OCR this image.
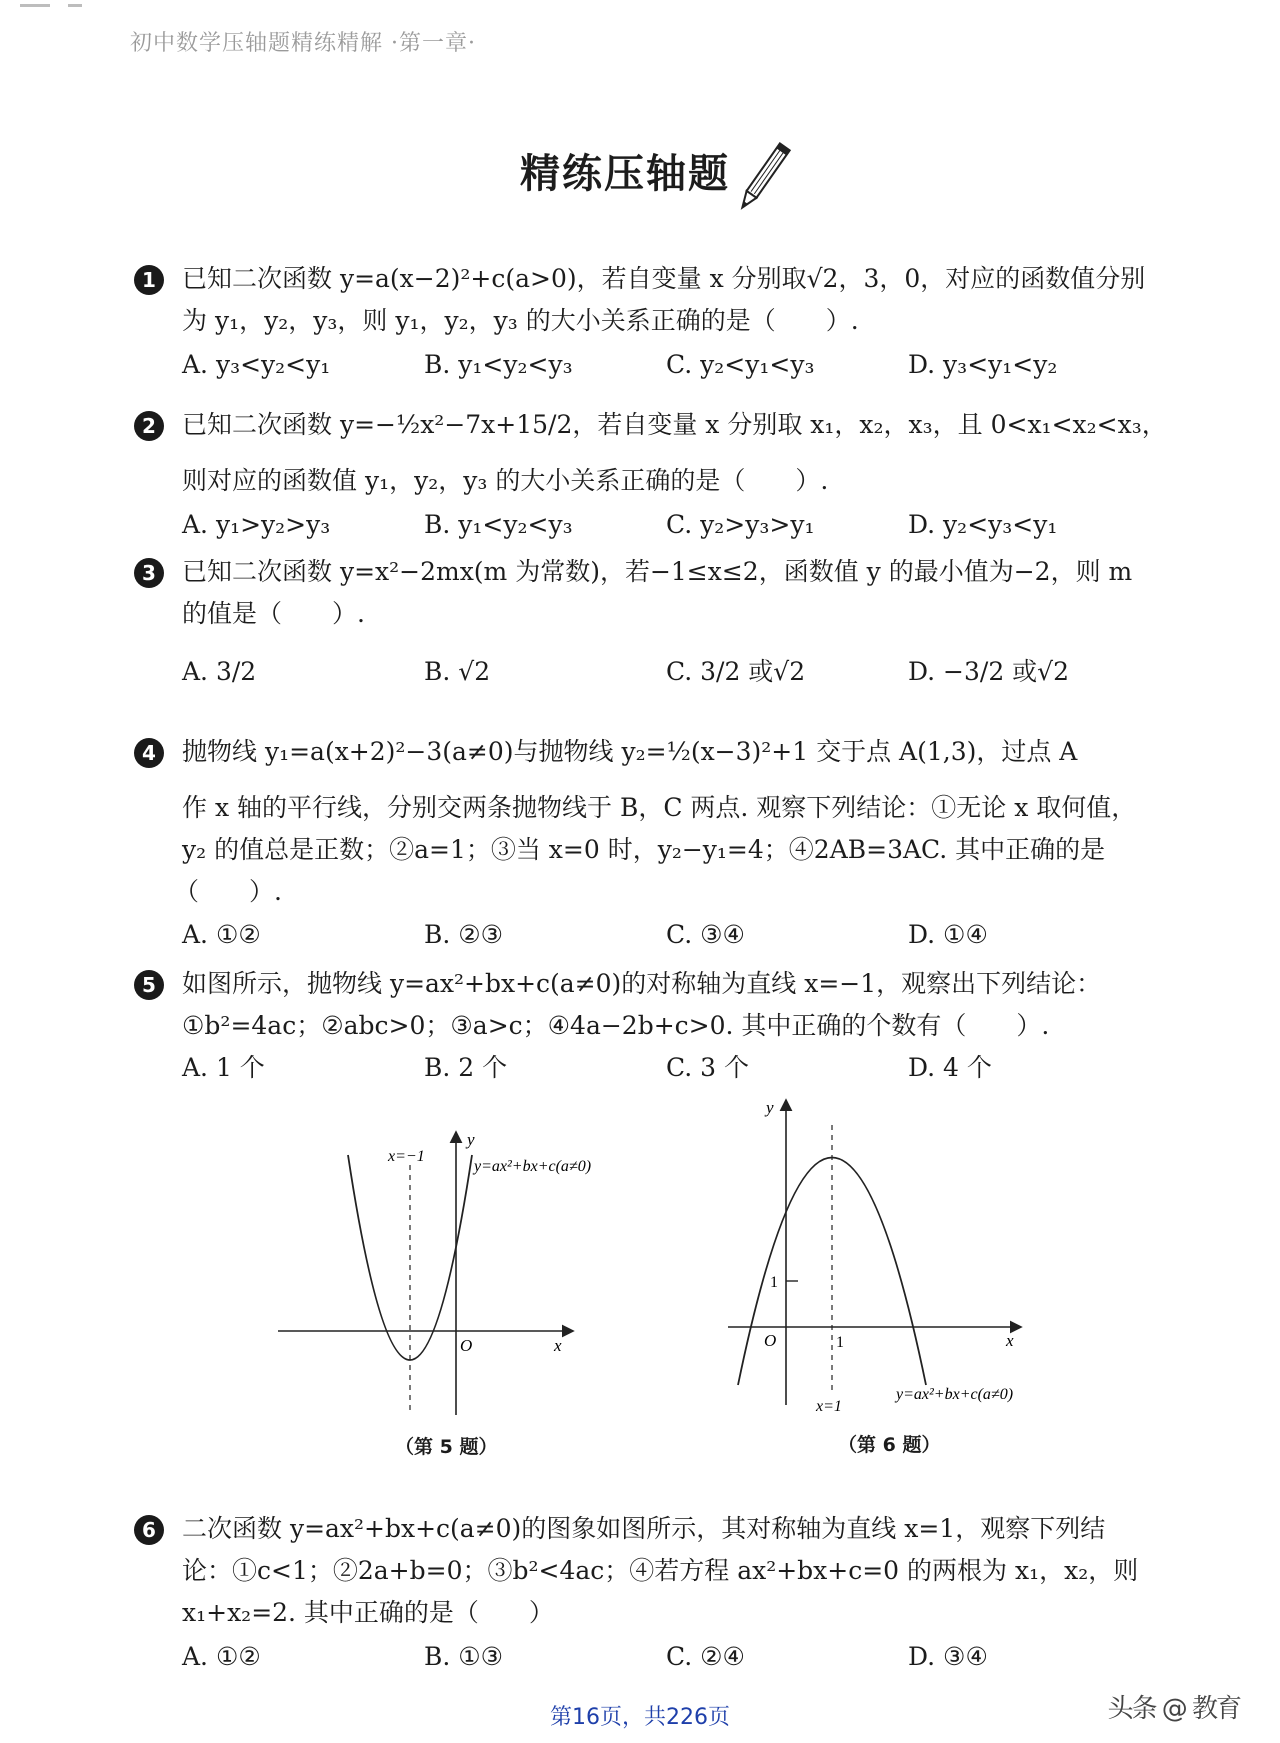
初中数学压轴题精练精解 ·第一章·
精练压轴题
1	已知二次函数 y=a(x−2)²+c(a>0)，若自变量 x 分别取√2，3，0，对应的函数值分别
为 y₁，y₂，y₃，则 y₁，y₂，y₃ 的大小关系正确的是（　　）.
A. y₃<y₂<y₁	B. y₁<y₂<y₃	C. y₂<y₁<y₃	D. y₃<y₁<y₂
2	已知二次函数 y=−½x²−7x+15/2，若自变量 x 分别取 x₁，x₂，x₃，且 0<x₁<x₂<x₃，
则对应的函数值 y₁，y₂，y₃ 的大小关系正确的是（　　）.
A. y₁>y₂>y₃	B. y₁<y₂<y₃	C. y₂>y₃>y₁	D. y₂<y₃<y₁
3	已知二次函数 y=x²−2mx(m 为常数)，若−1≤x≤2，函数值 y 的最小值为−2，则 m
的值是（　　）.
A. 3/2	B. √2	C. 3/2 或√2	D. −3/2 或√2
4	抛物线 y₁=a(x+2)²−3(a≠0)与抛物线 y₂=½(x−3)²+1 交于点 A(1,3)，过点 A
作 x 轴的平行线，分别交两条抛物线于 B，C 两点. 观察下列结论：①无论 x 取何值，
y₂ 的值总是正数；②a=1；③当 x=0 时，y₂−y₁=4；④2AB=3AC. 其中正确的是
（　　）.
A. ①②	B. ②③	C. ③④	D. ①④
5	如图所示，抛物线 y=ax²+bx+c(a≠0)的对称轴为直线 x=−1，观察出下列结论：
①b²=4ac；②abc>0；③a>c；④4a−2b+c>0. 其中正确的个数有（　　）.
A. 1 个	B. 2 个	C. 3 个	D. 4 个
x=−1
y
y=ax²+bx+c(a≠0)
O	x
（第 5 题）
y
1
O	1	x
x=1
y=ax²+bx+c(a≠0)
（第 6 题）
6	二次函数 y=ax²+bx+c(a≠0)的图象如图所示，其对称轴为直线 x=1，观察下列结
论：①c<1；②2a+b=0；③b²<4ac；④若方程 ax²+bx+c=0 的两根为 x₁，x₂，则
x₁+x₂=2. 其中正确的是（　　）
A. ①②	B. ①③	C. ②④	D. ③④
第16页，共226页	头条 @ 教育
